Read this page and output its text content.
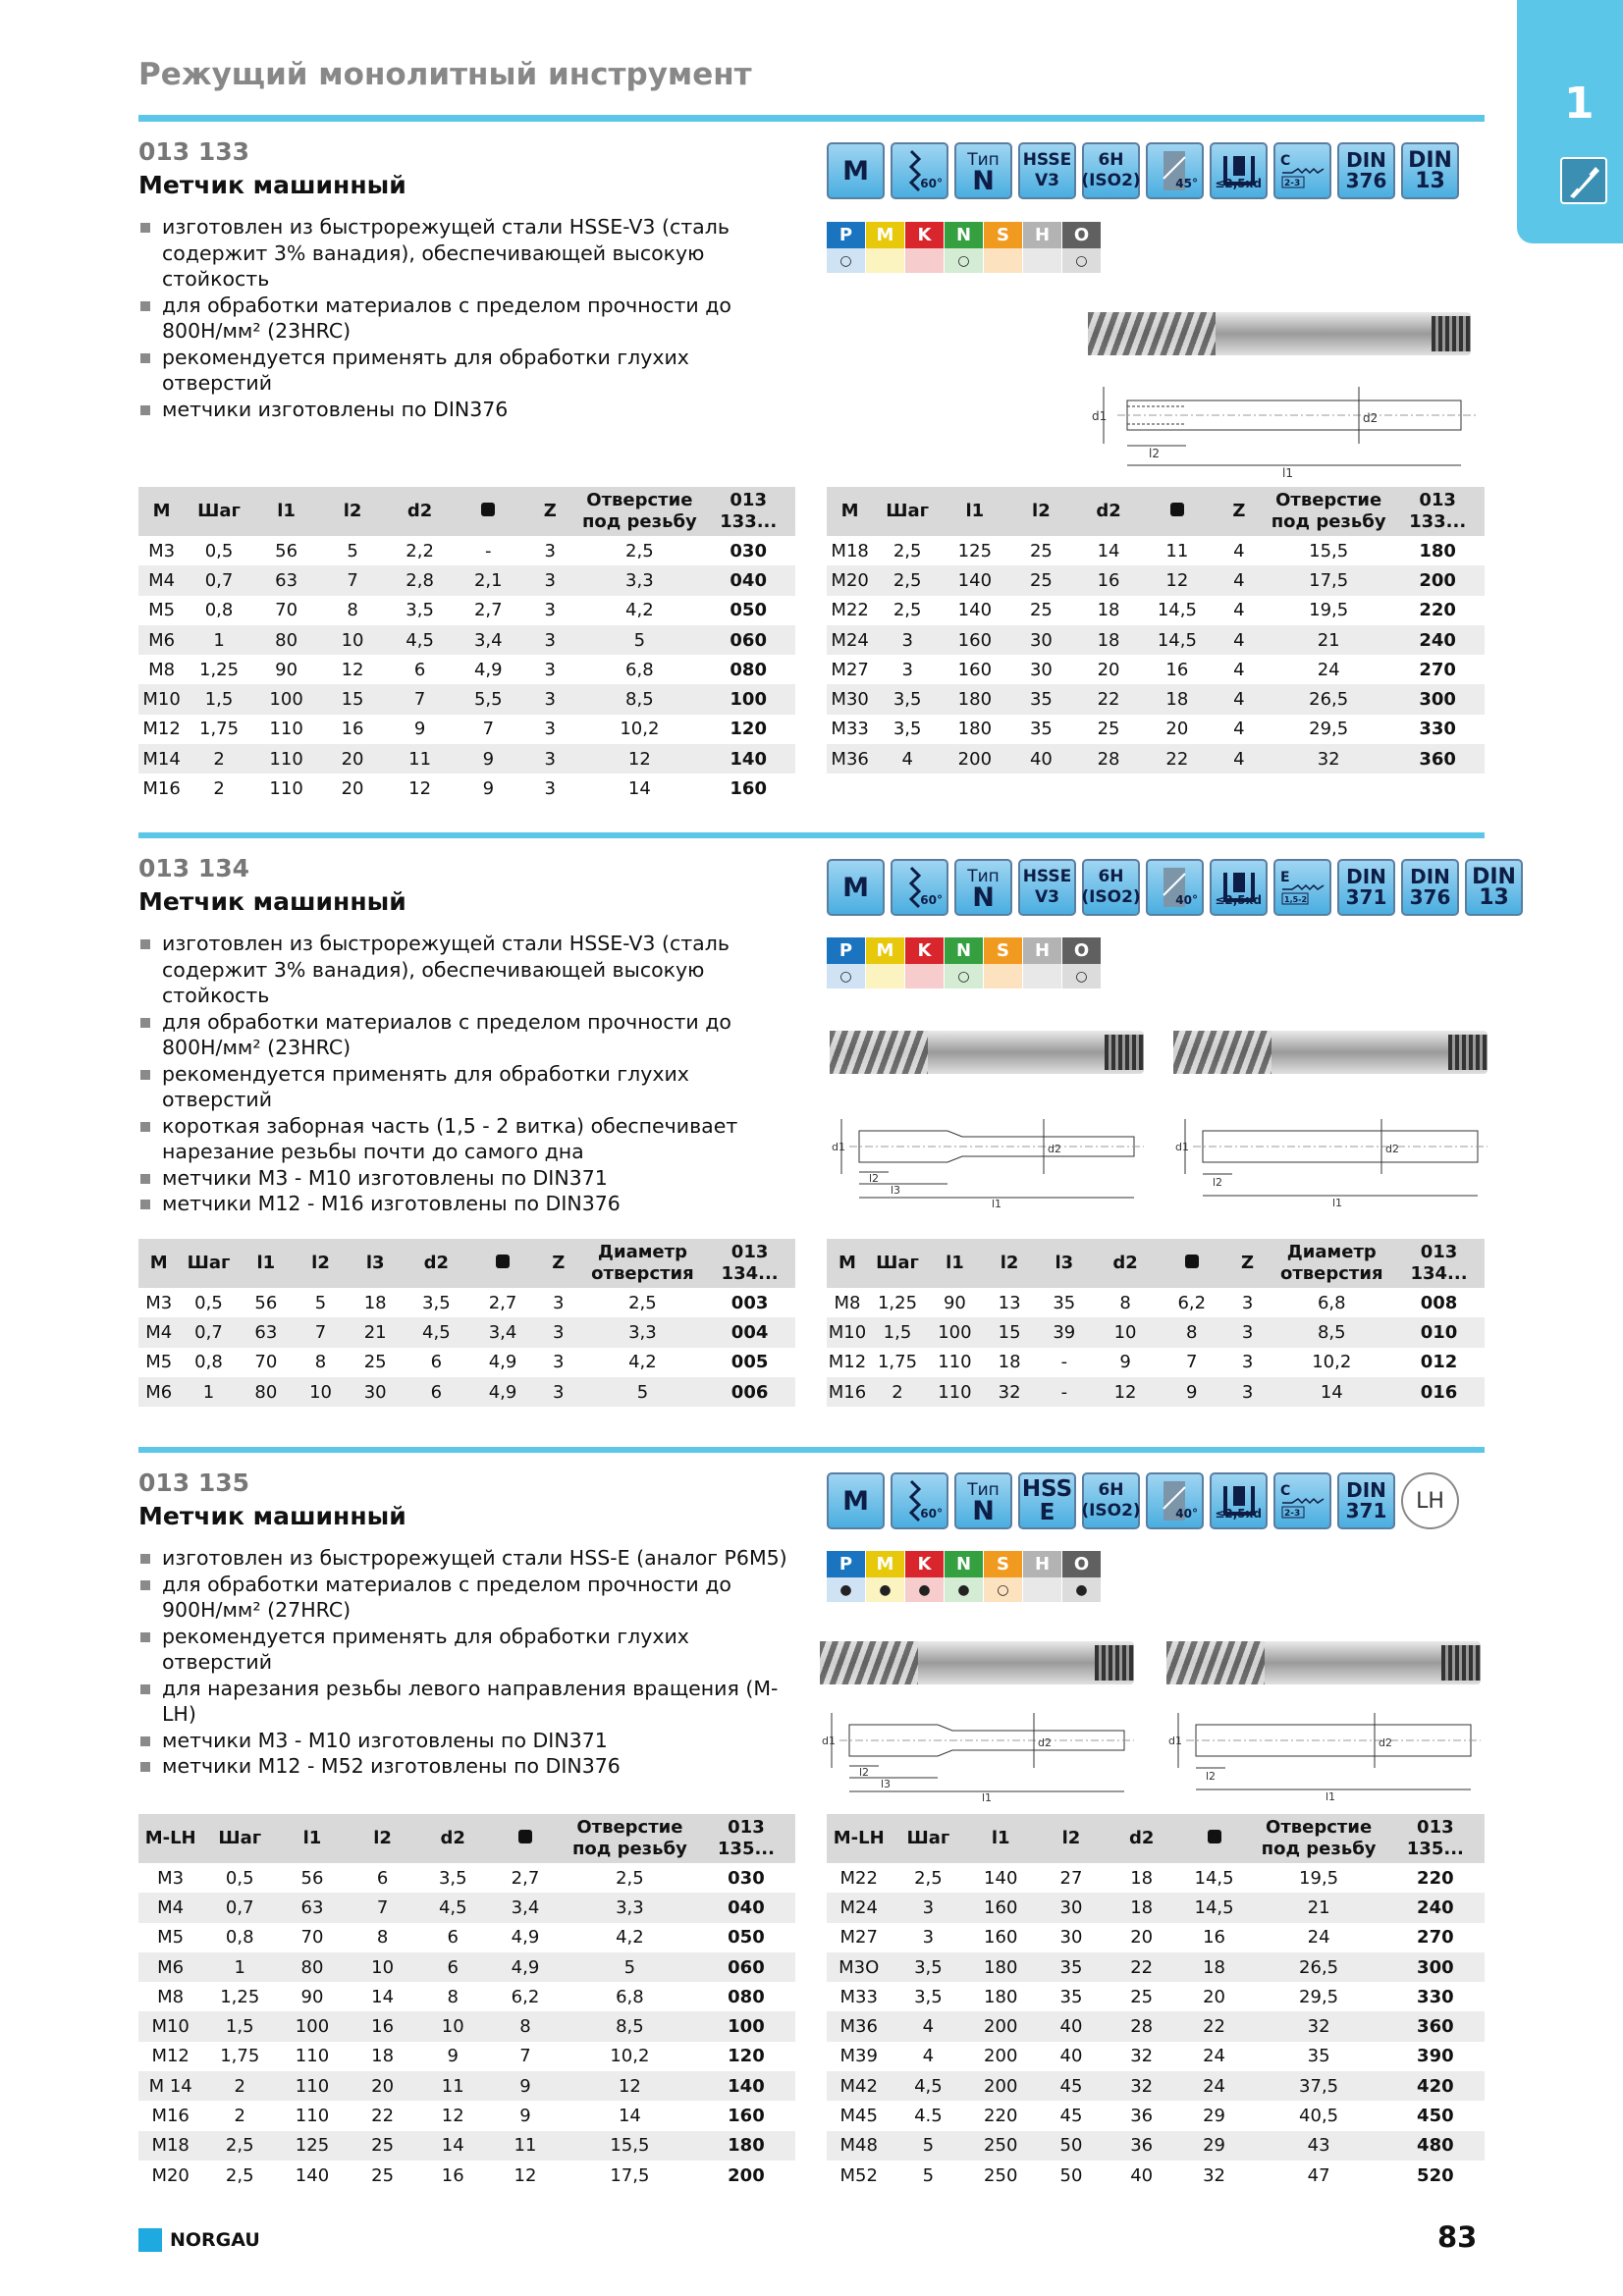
Режущий монолитный инструмент
1
013 133
Метчик машинный
изготовлен из быстрорежущей стали HSSE-V3 (сталь содержит 3% ванадия), обеспечивающей высокую стойкость
для обработки материалов с пределом прочности до 800Н/мм² (23HRC)
рекомендуется применять для обработки глухих отверстий
метчики изготовлены по DIN376
M	60°
Тип
N
HSSE
V3
6H
(ISO2)	45° ≤2,5xd
C
2-3
DIN
376
DIN
13
P	M	K	N	S	H	O
○	○	○
d1	d2
l2
l1
M	Шаг	l1	l2	d2		Z	Отверстие под резьбу	013 133...
M3	0,5	56	5	2,2	-	3	2,5	030
M4	0,7	63	7	2,8	2,1	3	3,3	040
M5	0,8	70	8	3,5	2,7	3	4,2	050
M6	1	80	10	4,5	3,4	3	5	060
M8	1,25	90	12	6	4,9	3	6,8	080
M10	1,5	100	15	7	5,5	3	8,5	100
M12	1,75	110	16	9	7	3	10,2	120
M14	2	110	20	11	9	3	12	140
M16	2	110	20	12	9	3	14	160
M	Шаг	l1	l2	d2		Z	Отверстие под резьбу	013 133...
M18	2,5	125	25	14	11	4	15,5	180
M20	2,5	140	25	16	12	4	17,5	200
M22	2,5	140	25	18	14,5	4	19,5	220
M24	3	160	30	18	14,5	4	21	240
M27	3	160	30	20	16	4	24	270
M30	3,5	180	35	22	18	4	26,5	300
M33	3,5	180	35	25	20	4	29,5	330
M36	4	200	40	28	22	4	32	360
013 134
Метчик машинный
изготовлен из быстрорежущей стали HSSE-V3 (сталь содержит 3% ванадия), обеспечивающей высокую стойкость
для обработки материалов с пределом прочности до 800Н/мм² (23HRC)
рекомендуется применять для обработки глухих отверстий
короткая заборная часть (1,5 - 2 витка) обеспечивает нарезание резьбы почти до самого дна
метчики M3 - M10 изготовлены по DIN371
метчики M12 - M16 изготовлены по DIN376
M	60°
Тип
N
HSSE
V3
6H
(ISO2)	40° ≤2,5xd
E
1,5-2
DIN
371
DIN
376
DIN
13
P	M	K	N	S	H	O
○	○	○
d1	d2
l2
l3
l1
d1	d2
l2
l1
M	Шаг	l1	l2	l3	d2		Z	Диаметр отверстия	013 134...
M3	0,5	56	5	18	3,5	2,7	3	2,5	003
M4	0,7	63	7	21	4,5	3,4	3	3,3	004
M5	0,8	70	8	25	6	4,9	3	4,2	005
M6	1	80	10	30	6	4,9	3	5	006
M	Шаг	l1	l2	l3	d2		Z	Диаметр отверстия	013 134...
M8	1,25	90	13	35	8	6,2	3	6,8	008
M10	1,5	100	15	39	10	8	3	8,5	010
M12	1,75	110	18	-	9	7	3	10,2	012
M16	2	110	32	-	12	9	3	14	016
013 135
Метчик машинный
изготовлен из быстрорежущей стали HSS-E (аналог Р6М5)
для обработки материалов с пределом прочности до 900Н/мм² (27HRC)
рекомендуется применять для обработки глухих отверстий
для нарезания резьбы левого направления вращения (M-LH)
метчики M3 - M10 изготовлены по DIN371
метчики M12 - M52 изготовлены по DIN376
M	60°
Тип
N
HSS
E
6H
(ISO2)	40° ≤2,5xd
C
2-3
DIN
371 LH
P	M	K	N	S	H	O
●	●	●	●	○	●
d1	d2
l2
l3
l1
d1	d2
l2
l1
M-LH	Шаг	l1	l2	d2		Отверстие под резьбу	013 135...
M3	0,5	56	6	3,5	2,7	2,5	030
M4	0,7	63	7	4,5	3,4	3,3	040
M5	0,8	70	8	6	4,9	4,2	050
M6	1	80	10	6	4,9	5	060
M8	1,25	90	14	8	6,2	6,8	080
M10	1,5	100	16	10	8	8,5	100
M12	1,75	110	18	9	7	10,2	120
M 14	2	110	20	11	9	12	140
M16	2	110	22	12	9	14	160
M18	2,5	125	25	14	11	15,5	180
M20	2,5	140	25	16	12	17,5	200
M-LH	Шаг	l1	l2	d2		Отверстие под резьбу	013 135...
M22	2,5	140	27	18	14,5	19,5	220
M24	3	160	30	18	14,5	21	240
M27	3	160	30	20	16	24	270
M3O	3,5	180	35	22	18	26,5	300
M33	3,5	180	35	25	20	29,5	330
M36	4	200	40	28	22	32	360
M39	4	200	40	32	24	35	390
M42	4,5	200	45	32	24	37,5	420
M45	4.5	220	45	36	29	40,5	450
M48	5	250	50	36	29	43	480
M52	5	250	50	40	32	47	520
NORGAU	83
